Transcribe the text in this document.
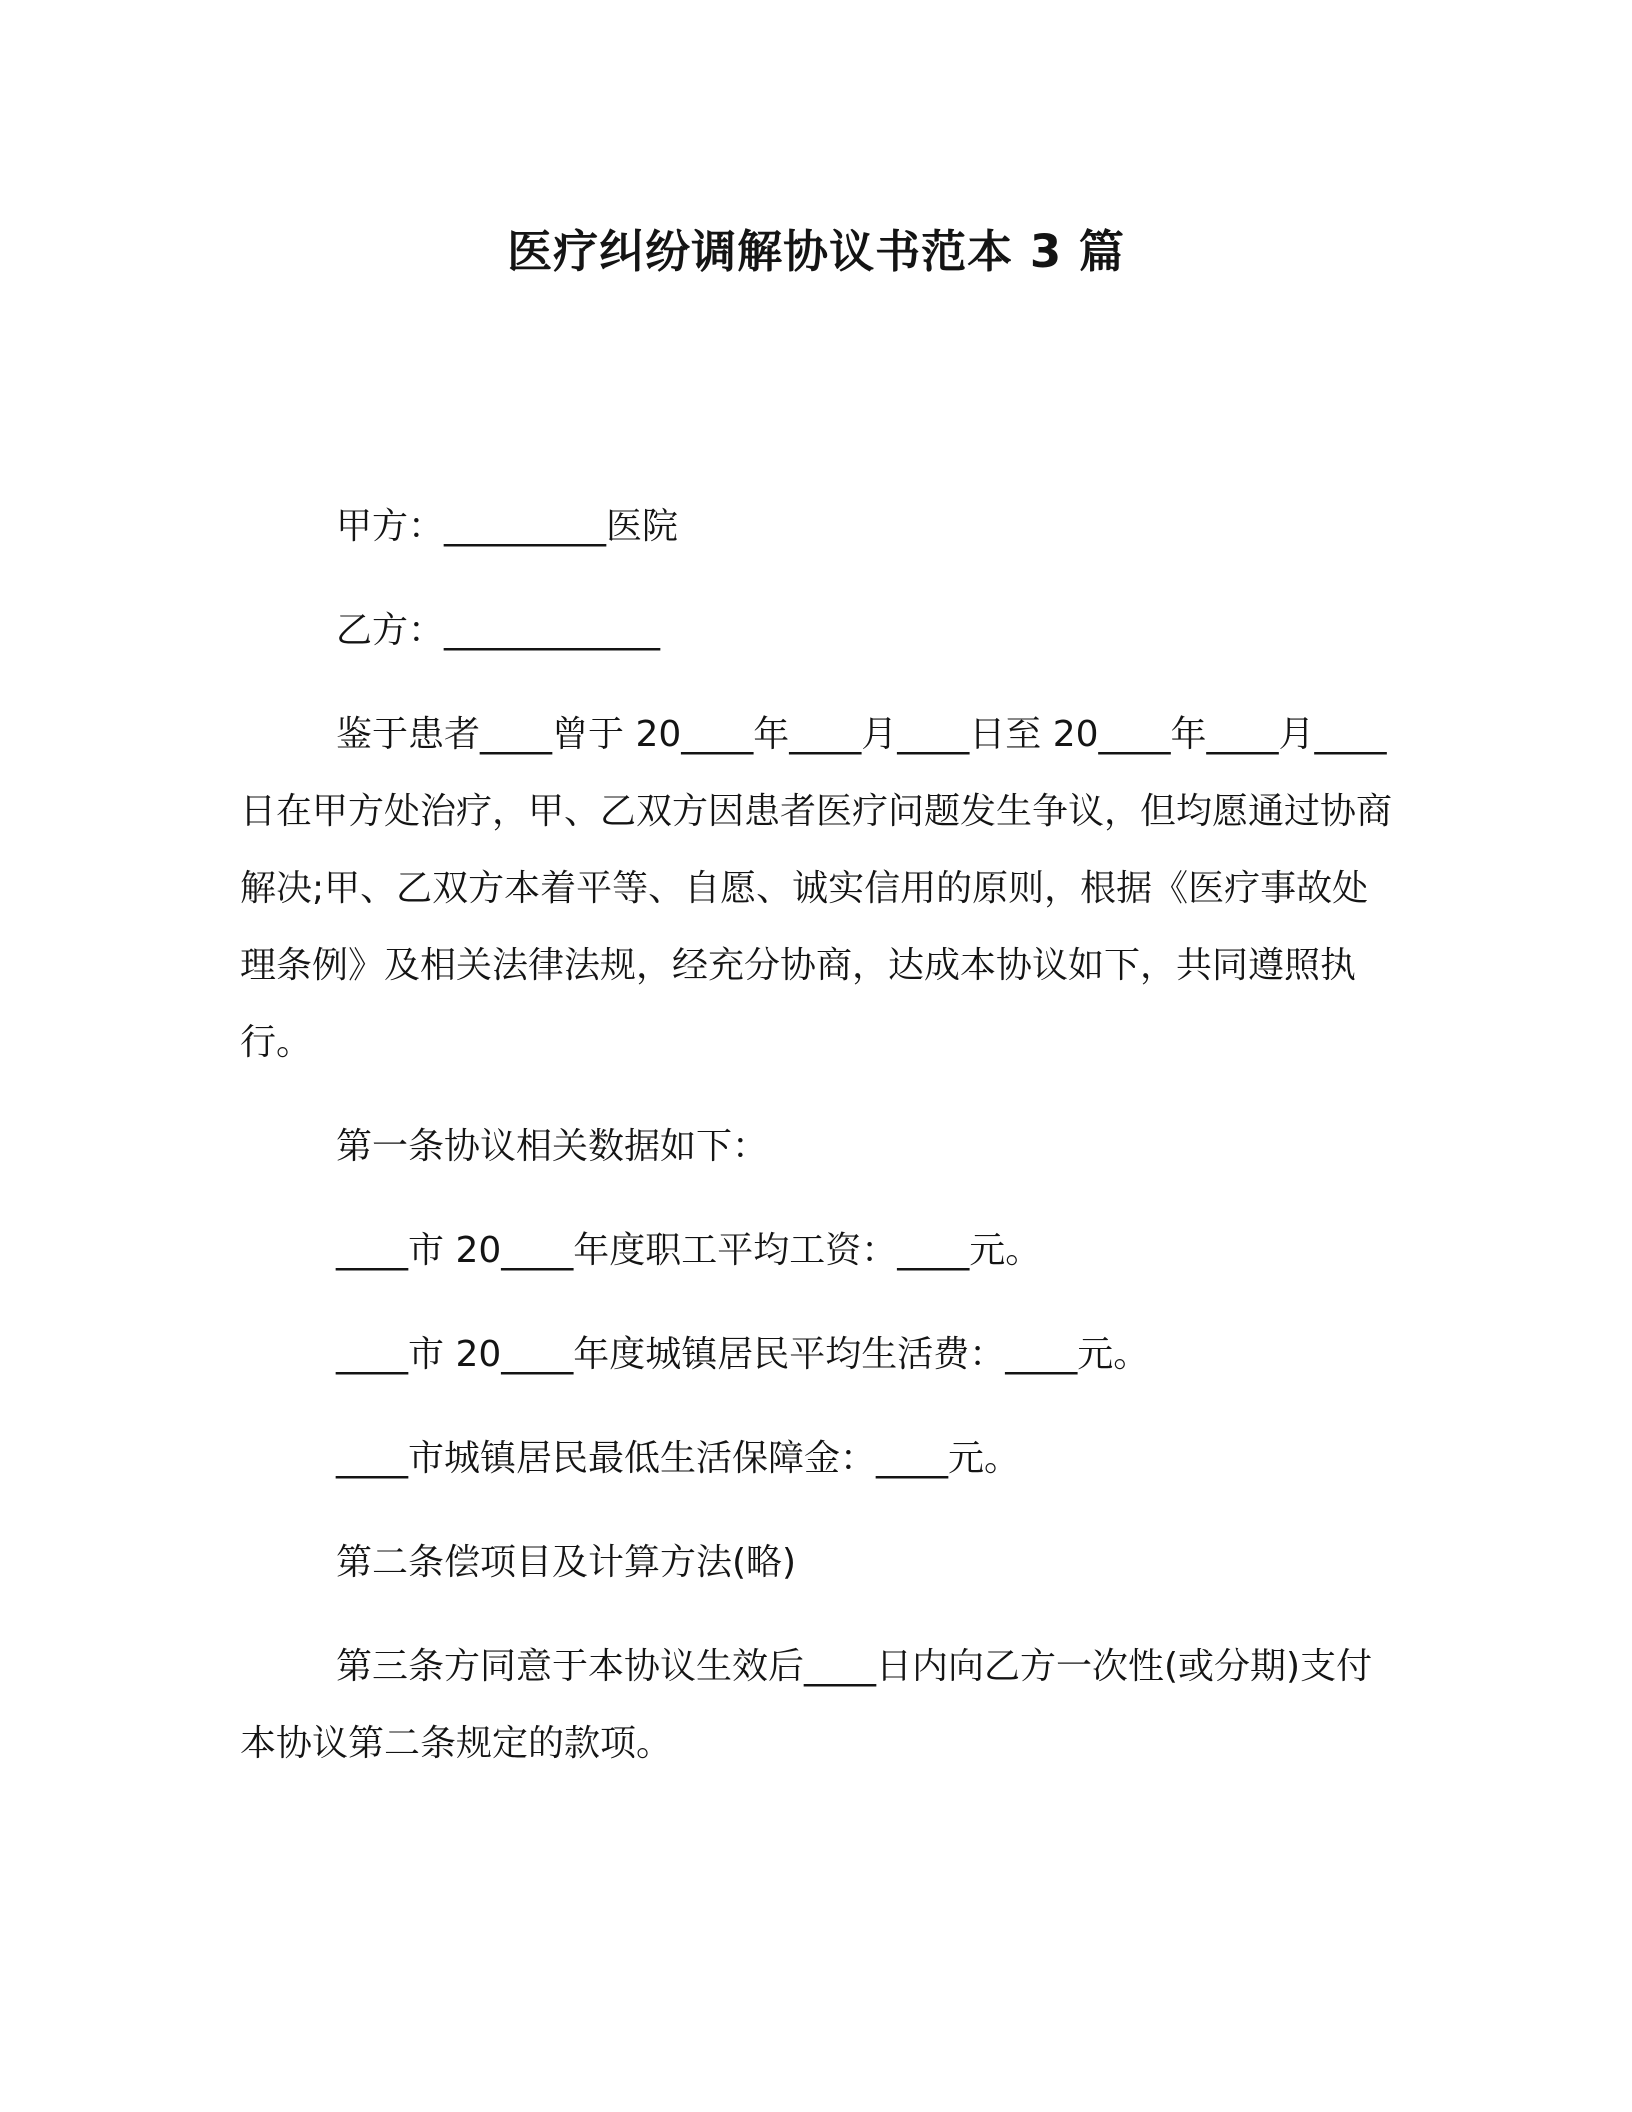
医疗纠纷调解协议书范本 3 篇

甲方：_________医院

乙方：____________

鉴于患者____曾于 20____年____月____日至 20____年____月____日在甲方处治疗，甲、乙双方因患者医疗问题发生争议，但均愿通过协商解决;甲、乙双方本着平等、自愿、诚实信用的原则，根据《医疗事故处理条例》及相关法律法规，经充分协商，达成本协议如下，共同遵照执行。

第一条协议相关数据如下：

____市 20____年度职工平均工资：____元。

____市 20____年度城镇居民平均生活费：____元。

____市城镇居民最低生活保障金：____元。

第二条偿项目及计算方法(略)

第三条方同意于本协议生效后____日内向乙方一次性(或分期)支付本协议第二条规定的款项。
